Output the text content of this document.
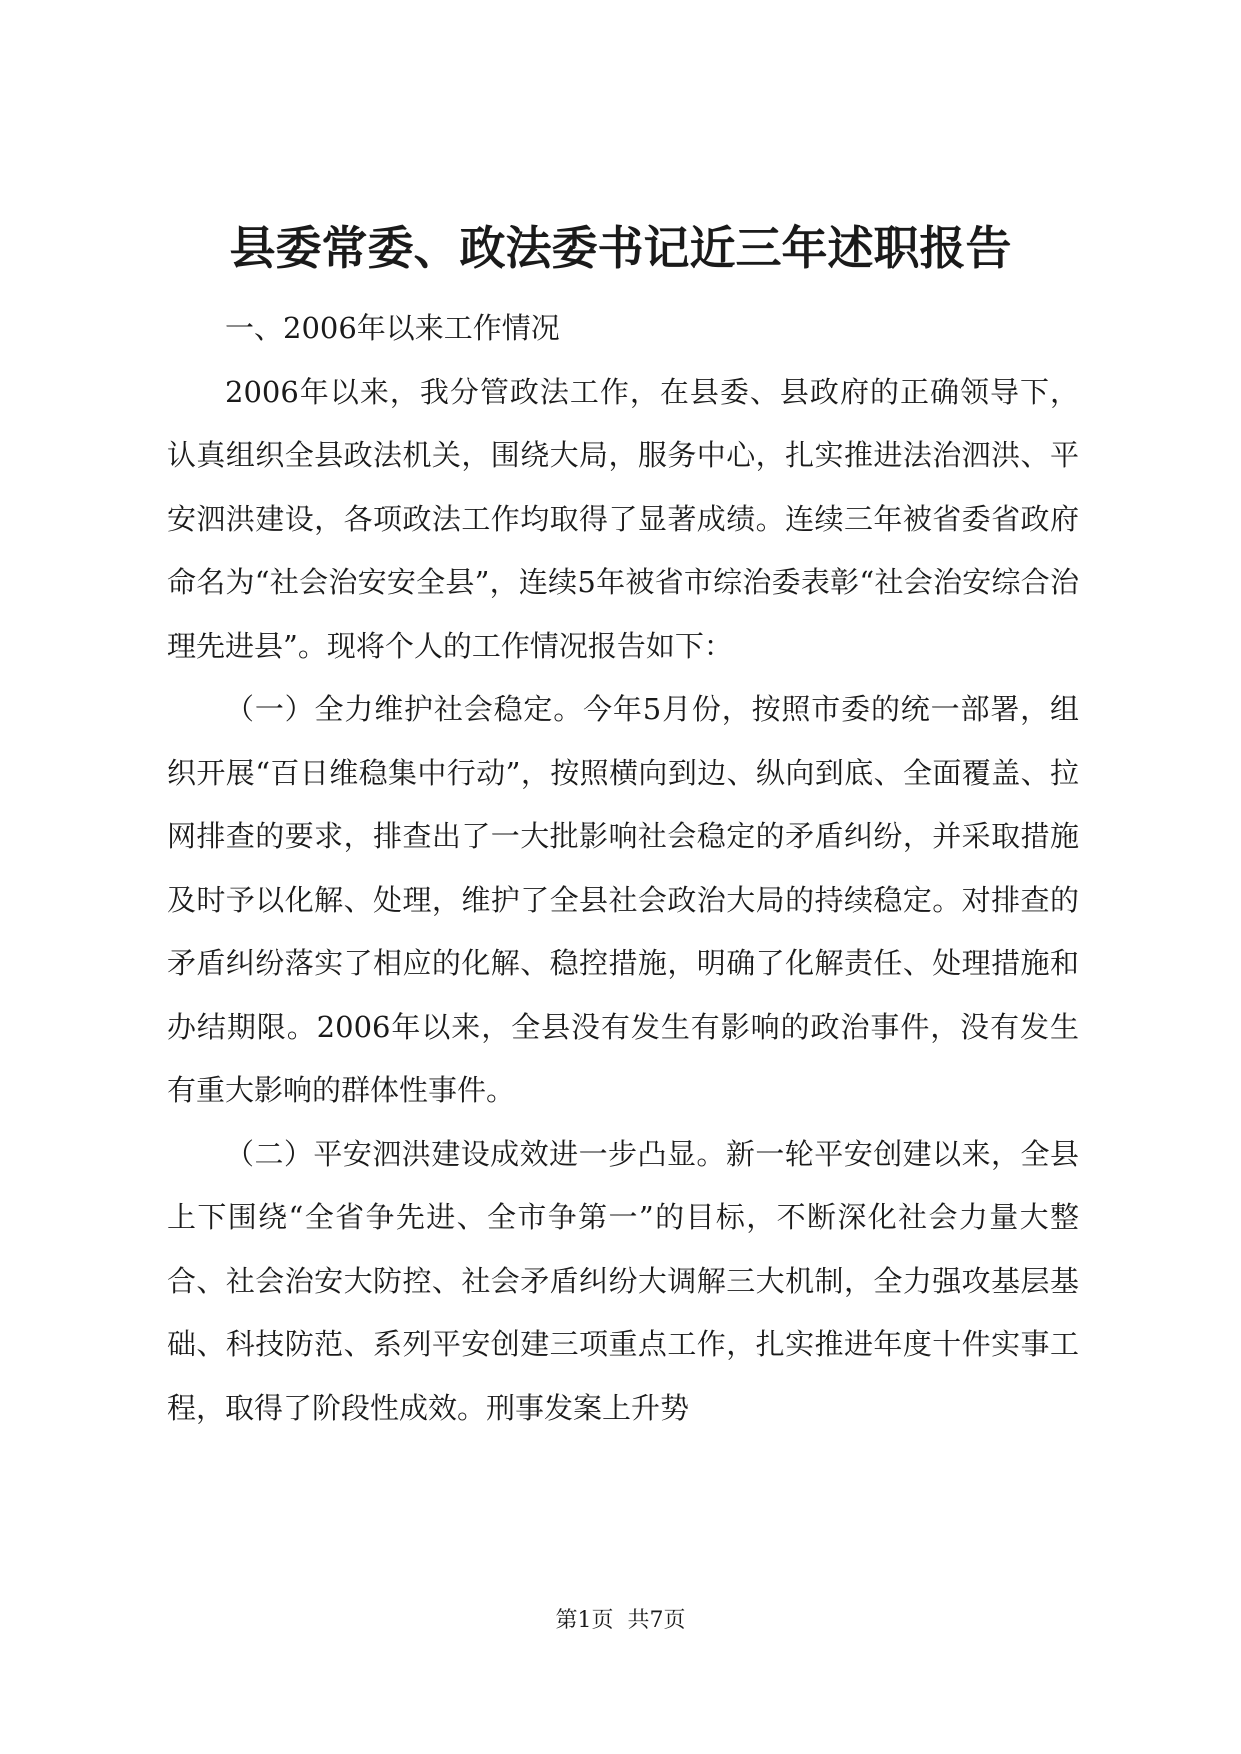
县委常委、政法委书记近三年述职报告

一、2006年以来工作情况

2006年以来，我分管政法工作，在县委、县政府的正确领导下，认真组织全县政法机关，围绕大局，服务中心，扎实推进法治泗洪、平安泗洪建设，各项政法工作均取得了显著成绩。连续三年被省委省政府命名为“社会治安安全县”，连续5年被省市综治委表彰“社会治安综合治理先进县”。现将个人的工作情况报告如下：

（一）全力维护社会稳定。今年5月份，按照市委的统一部署，组织开展“百日维稳集中行动”，按照横向到边、纵向到底、全面覆盖、拉网排查的要求，排查出了一大批影响社会稳定的矛盾纠纷，并采取措施及时予以化解、处理，维护了全县社会政治大局的持续稳定。对排查的矛盾纠纷落实了相应的化解、稳控措施，明确了化解责任、处理措施和办结期限。2006年以来，全县没有发生有影响的政治事件，没有发生有重大影响的群体性事件。

（二）平安泗洪建设成效进一步凸显。新一轮平安创建以来，全县上下围绕“全省争先进、全市争第一”的目标，不断深化社会力量大整合、社会治安大防控、社会矛盾纠纷大调解三大机制，全力强攻基层基础、科技防范、系列平安创建三项重点工作，扎实推进年度十件实事工程，取得了阶段性成效。刑事发案上升势

第1页  共7页
